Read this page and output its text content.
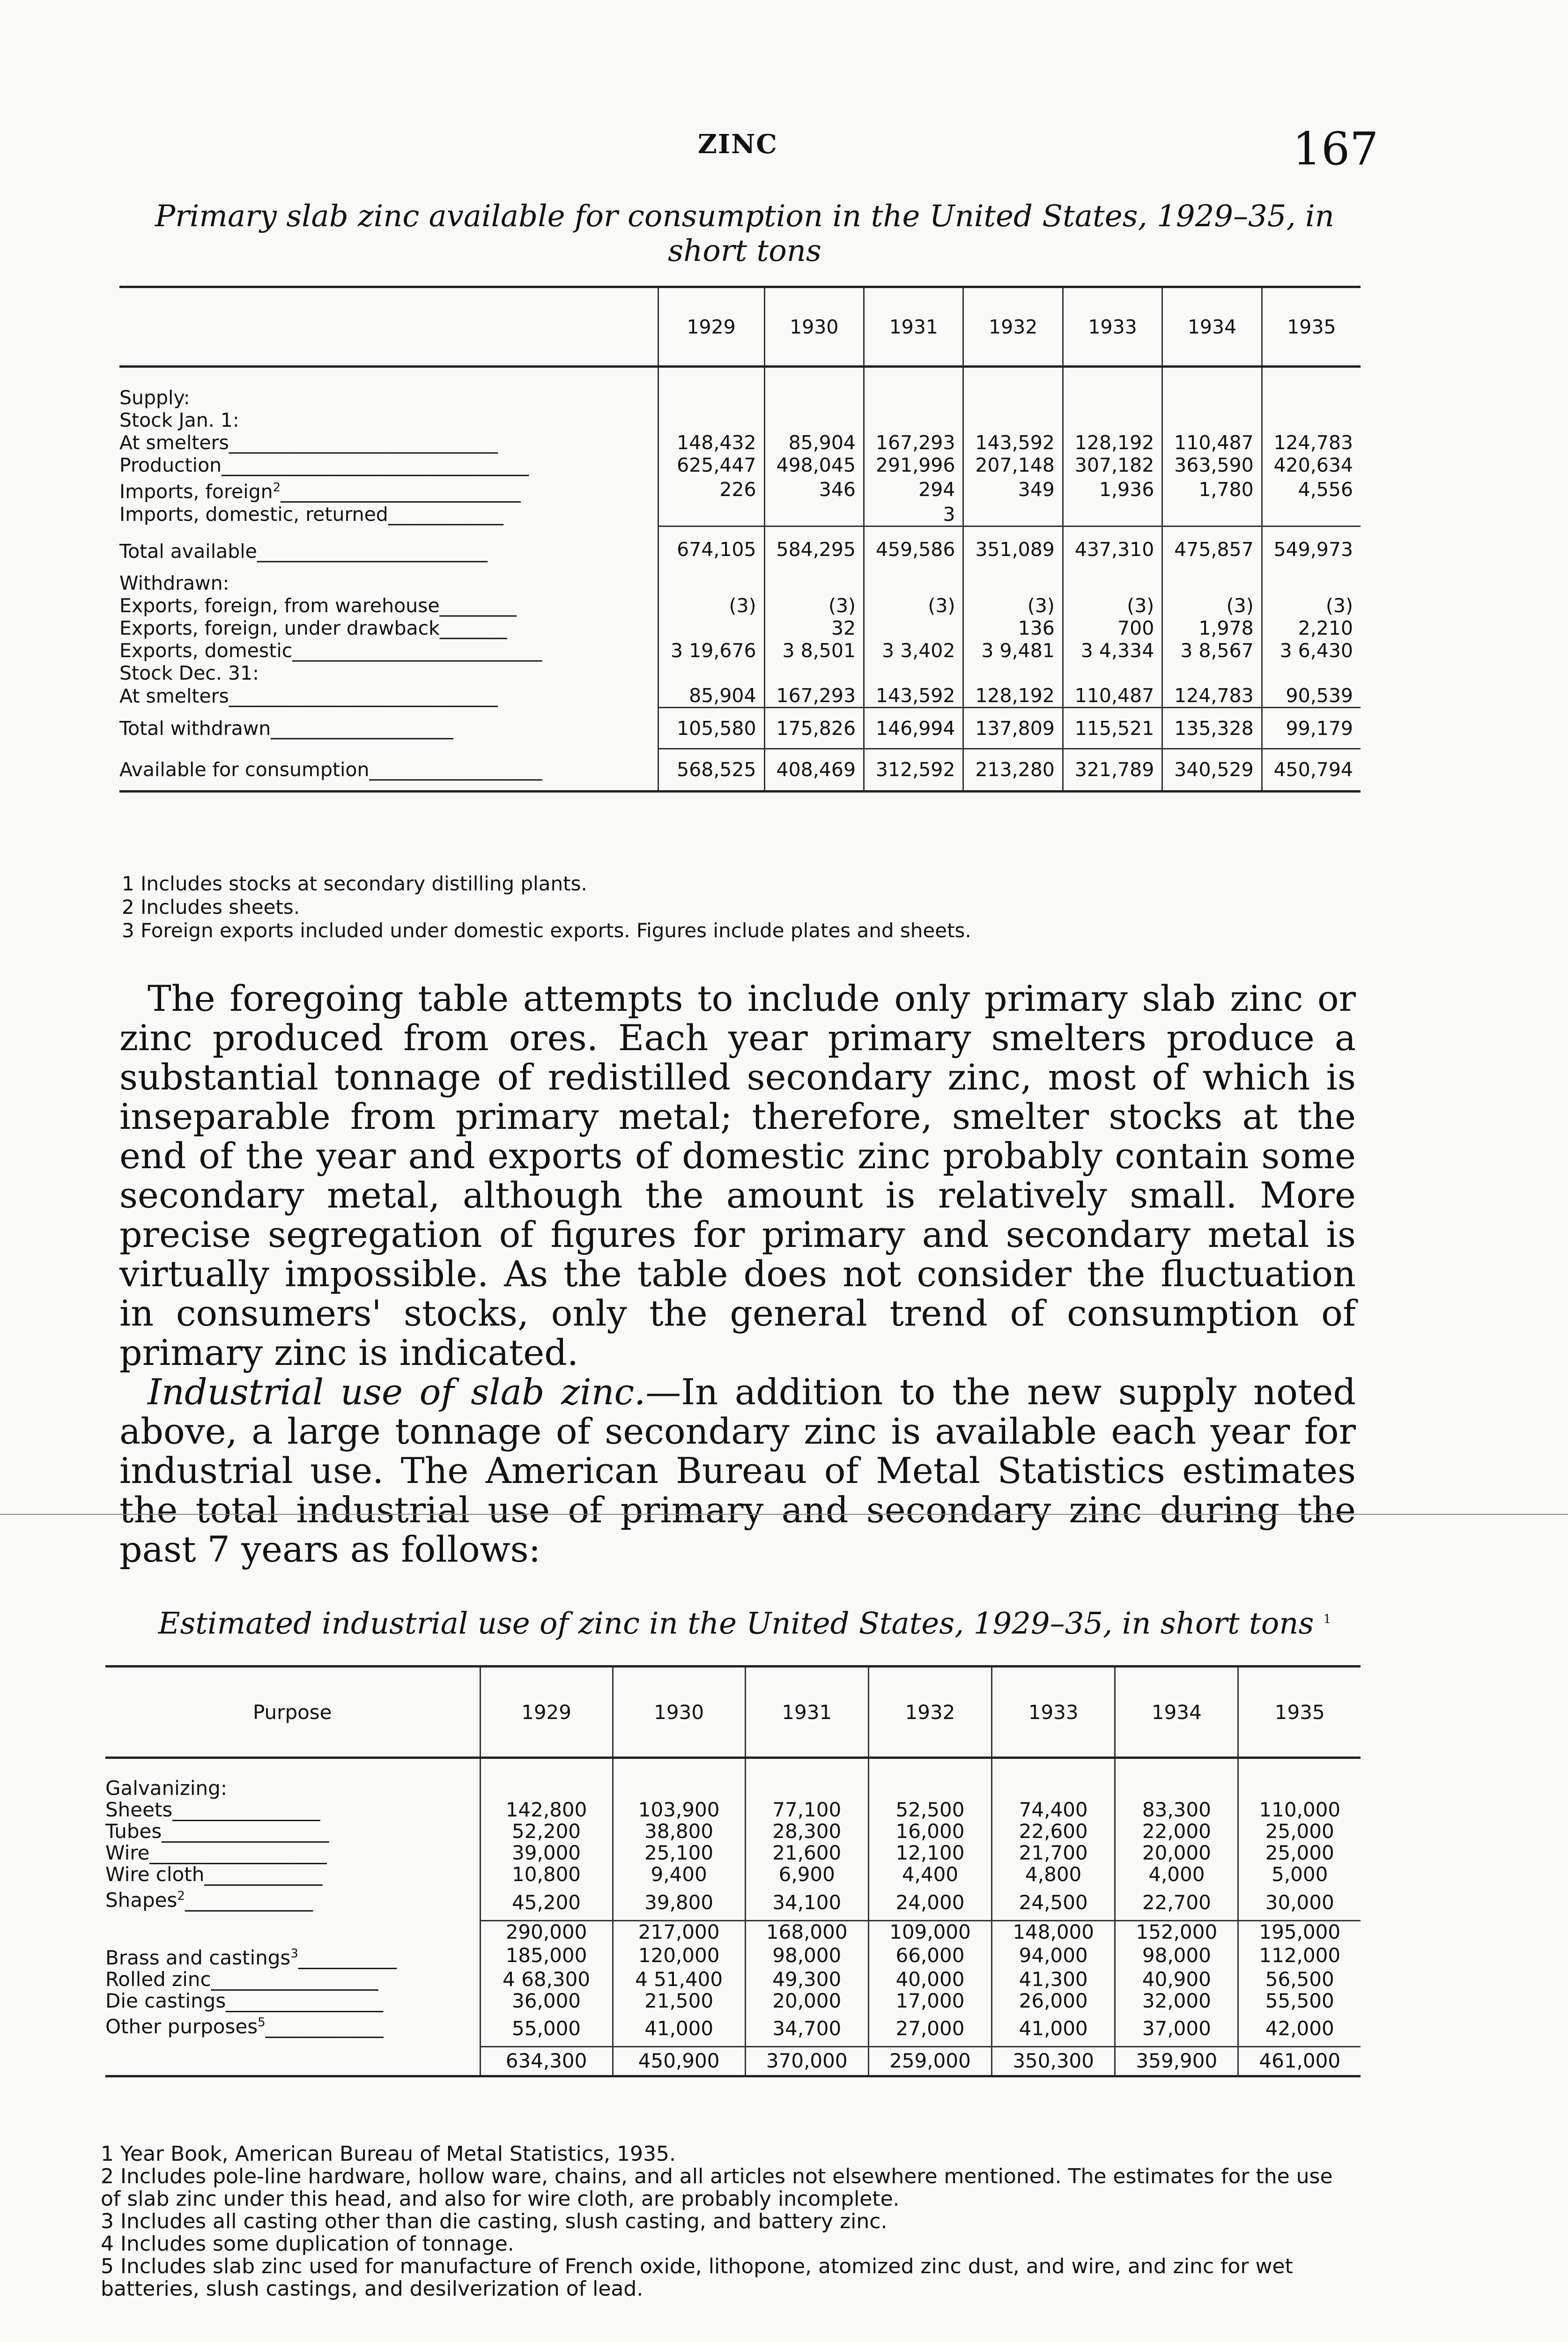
ZINC	167
Primary slab zinc available for consumption in the United States, 1929–35, in
short tons
	1929	1930	1931	1932	1933	1934	1935
Supply:							
Stock Jan. 1:							
At smelters____________________________	148,432	85,904	167,293	143,592	128,192	110,487	124,783
Production________________________________	625,447	498,045	291,996	207,148	307,182	363,590	420,634
Imports, foreign$^2$_________________________	226	346	294	349	1,936	1,780	4,556
Imports, domestic, returned____________			3				
Total available________________________	674,105	584,295	459,586	351,089	437,310	475,857	549,973
Withdrawn:							
Exports, foreign, from warehouse________	(3)	(3)	(3)	(3)	(3)	(3)	(3)
Exports, foreign, under drawback_______		32		136	700	1,978	2,210
Exports, domestic__________________________	3 19,676	3 8,501	3 3,402	3 9,481	3 4,334	3 8,567	3 6,430
Stock Dec. 31:							
At smelters____________________________	85,904	167,293	143,592	128,192	110,487	124,783	90,539
Total withdrawn___________________	105,580	175,826	146,994	137,809	115,521	135,328	99,179
Available for consumption__________________	568,525	408,469	312,592	213,280	321,789	340,529	450,794
1 Includes stocks at secondary distilling plants.
2 Includes sheets.
3 Foreign exports included under domestic exports. Figures include plates and sheets.
The foregoing table attempts to include only primary slab zinc or zinc produced from ores. Each year primary smelters produce a substantial tonnage of redistilled secondary zinc, most of which is inseparable from primary metal; therefore, smelter stocks at the end of the year and exports of domestic zinc probably contain some secondary metal, although the amount is relatively small. More precise segregation of figures for primary and secondary metal is virtually impossible. As the table does not consider the fluctuation in consumers' stocks, only the general trend of consumption of primary zinc is indicated.
Industrial use of slab zinc.—In addition to the new supply noted above, a large tonnage of secondary zinc is available each year for industrial use. The American Bureau of Metal Statistics estimates the total industrial use of primary and secondary zinc during the past 7 years as follows:
Estimated industrial use of zinc in the United States, 1929–35, in short tons $^1$
Purpose	1929	1930	1931	1932	1933	1934	1935
Galvanizing:							
Sheets_______________	142,800	103,900	77,100	52,500	74,400	83,300	110,000
Tubes_________________	52,200	38,800	28,300	16,000	22,600	22,000	25,000
Wire__________________	39,000	25,100	21,600	12,100	21,700	20,000	25,000
Wire cloth____________	10,800	9,400	6,900	4,400	4,800	4,000	5,000
Shapes$^2$_____________	45,200	39,800	34,100	24,000	24,500	22,700	30,000
	290,000	217,000	168,000	109,000	148,000	152,000	195,000
Brass and castings$^3$__________	185,000	120,000	98,000	66,000	94,000	98,000	112,000
Rolled zinc_________________	4 68,300	4 51,400	49,300	40,000	41,300	40,900	56,500
Die castings________________	36,000	21,500	20,000	17,000	26,000	32,000	55,500
Other purposes$^5$____________	55,000	41,000	34,700	27,000	41,000	37,000	42,000
	634,300	450,900	370,000	259,000	350,300	359,900	461,000
1 Year Book, American Bureau of Metal Statistics, 1935.
2 Includes pole-line hardware, hollow ware, chains, and all articles not elsewhere mentioned. The estimates for the use of slab zinc under this head, and also for wire cloth, are probably incomplete.
3 Includes all casting other than die casting, slush casting, and battery zinc.
4 Includes some duplication of tonnage.
5 Includes slab zinc used for manufacture of French oxide, lithopone, atomized zinc dust, and wire, and zinc for wet batteries, slush castings, and desilverization of lead.
